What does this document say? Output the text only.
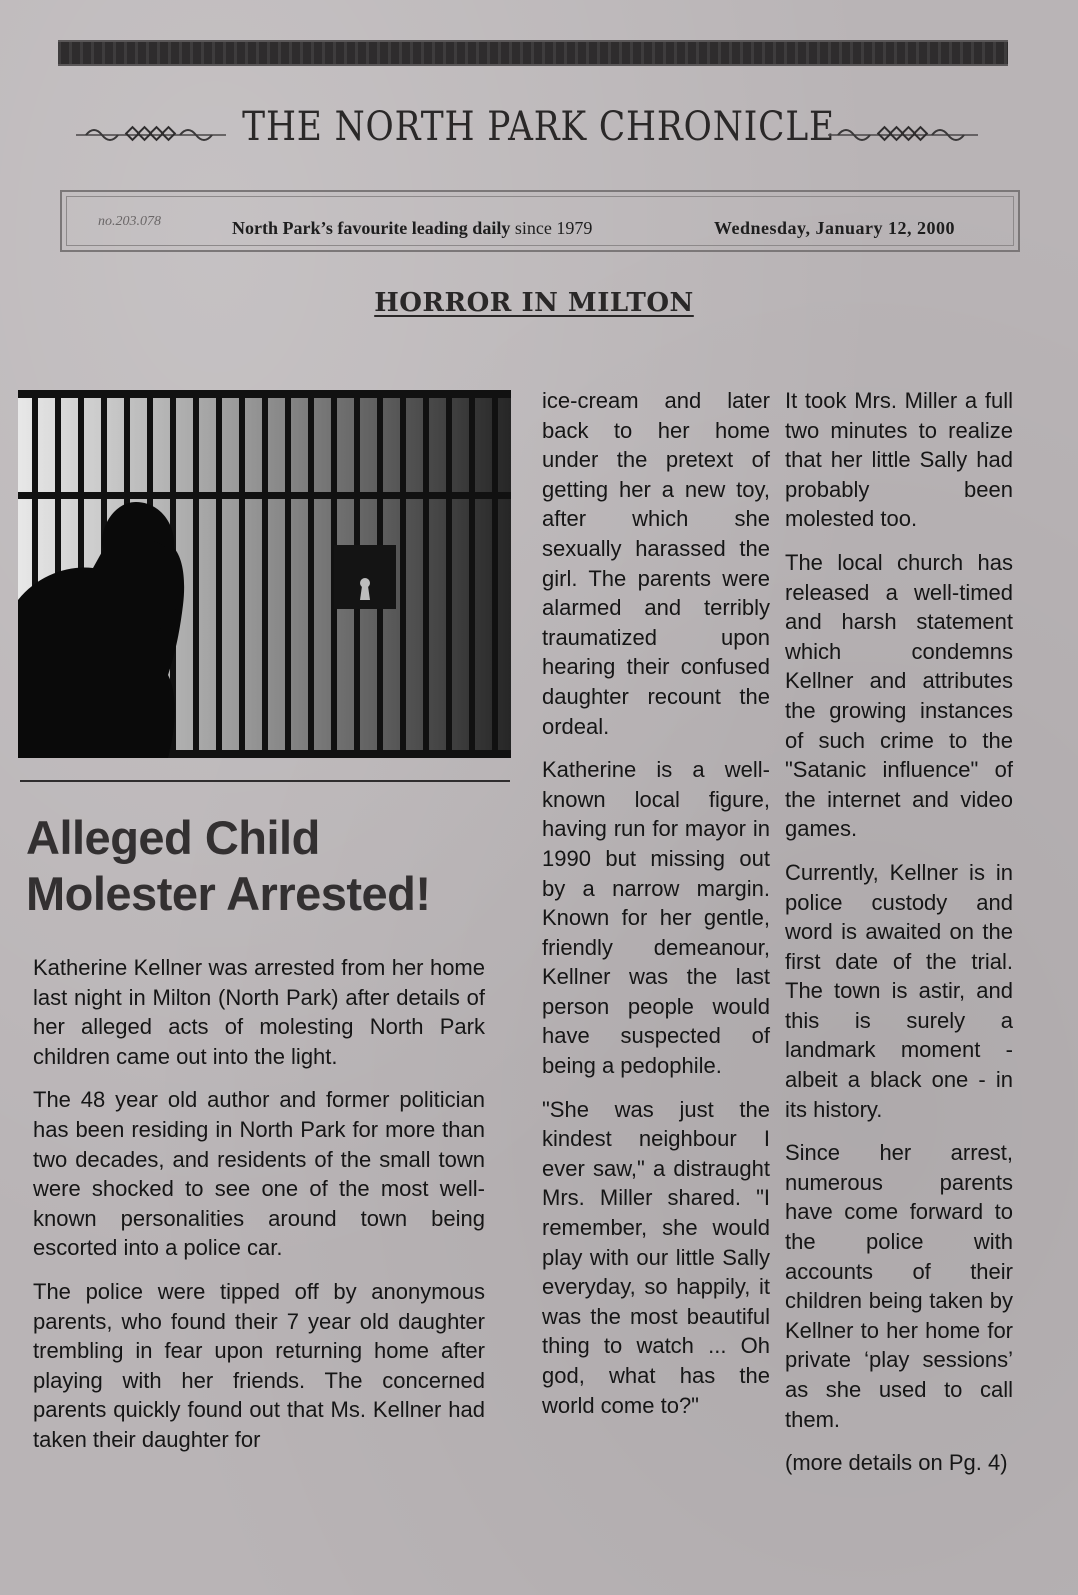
THE NORTH PARK CHRONICLE
no.203.078	North Park’s favourite leading daily since 1979	Wednesday, January 12, 2000
HORROR IN MILTON
Alleged Child Molester Arrested!

Katherine Kellner was arrested from her home last night in Milton (North Park) after details of her alleged acts of molesting North Park children came out into the light.

The 48 year old author and former politician has been residing in North Park for more than two decades, and residents of the small town were shocked to see one of the most well-known personalities around town being escorted into a police car.

The police were tipped off by anonymous parents, who found their 7 year old daughter trembling in fear upon returning home after playing with her friends. The concerned parents quickly found out that Ms. Kellner had taken their daughter for

ice-cream and later back to her home under the pretext of getting her a new toy, after which she sexually harassed the girl. The parents were alarmed and terribly traumatized upon hearing their confused daughter recount the ordeal.

Katherine is a well-known local figure, having run for mayor in 1990 but missing out by a narrow margin. Known for her gentle, friendly demeanour, Kellner was the last person people would have suspected of being a pedophile.

"She was just the kindest neighbour I ever saw," a distraught Mrs. Miller shared. "I remember, she would play with our little Sally everyday, so happily, it was the most beautiful thing to watch ... Oh god, what has the world come to?"

It took Mrs. Miller a full two minutes to realize that her little Sally had probably been molested too.

The local church has released a well-timed and harsh statement which condemns Kellner and attributes the growing instances of such crime to the "Satanic influence" of the internet and video games.

Currently, Kellner is in police custody and word is awaited on the first date of the trial. The town is astir, and this is surely a landmark moment - albeit a black one - in its history.

Since her arrest, numerous parents have come forward to the police with accounts of their children being taken by Kellner to her home for private ‘play sessions’ as she used to call them.

(more details on Pg. 4)
